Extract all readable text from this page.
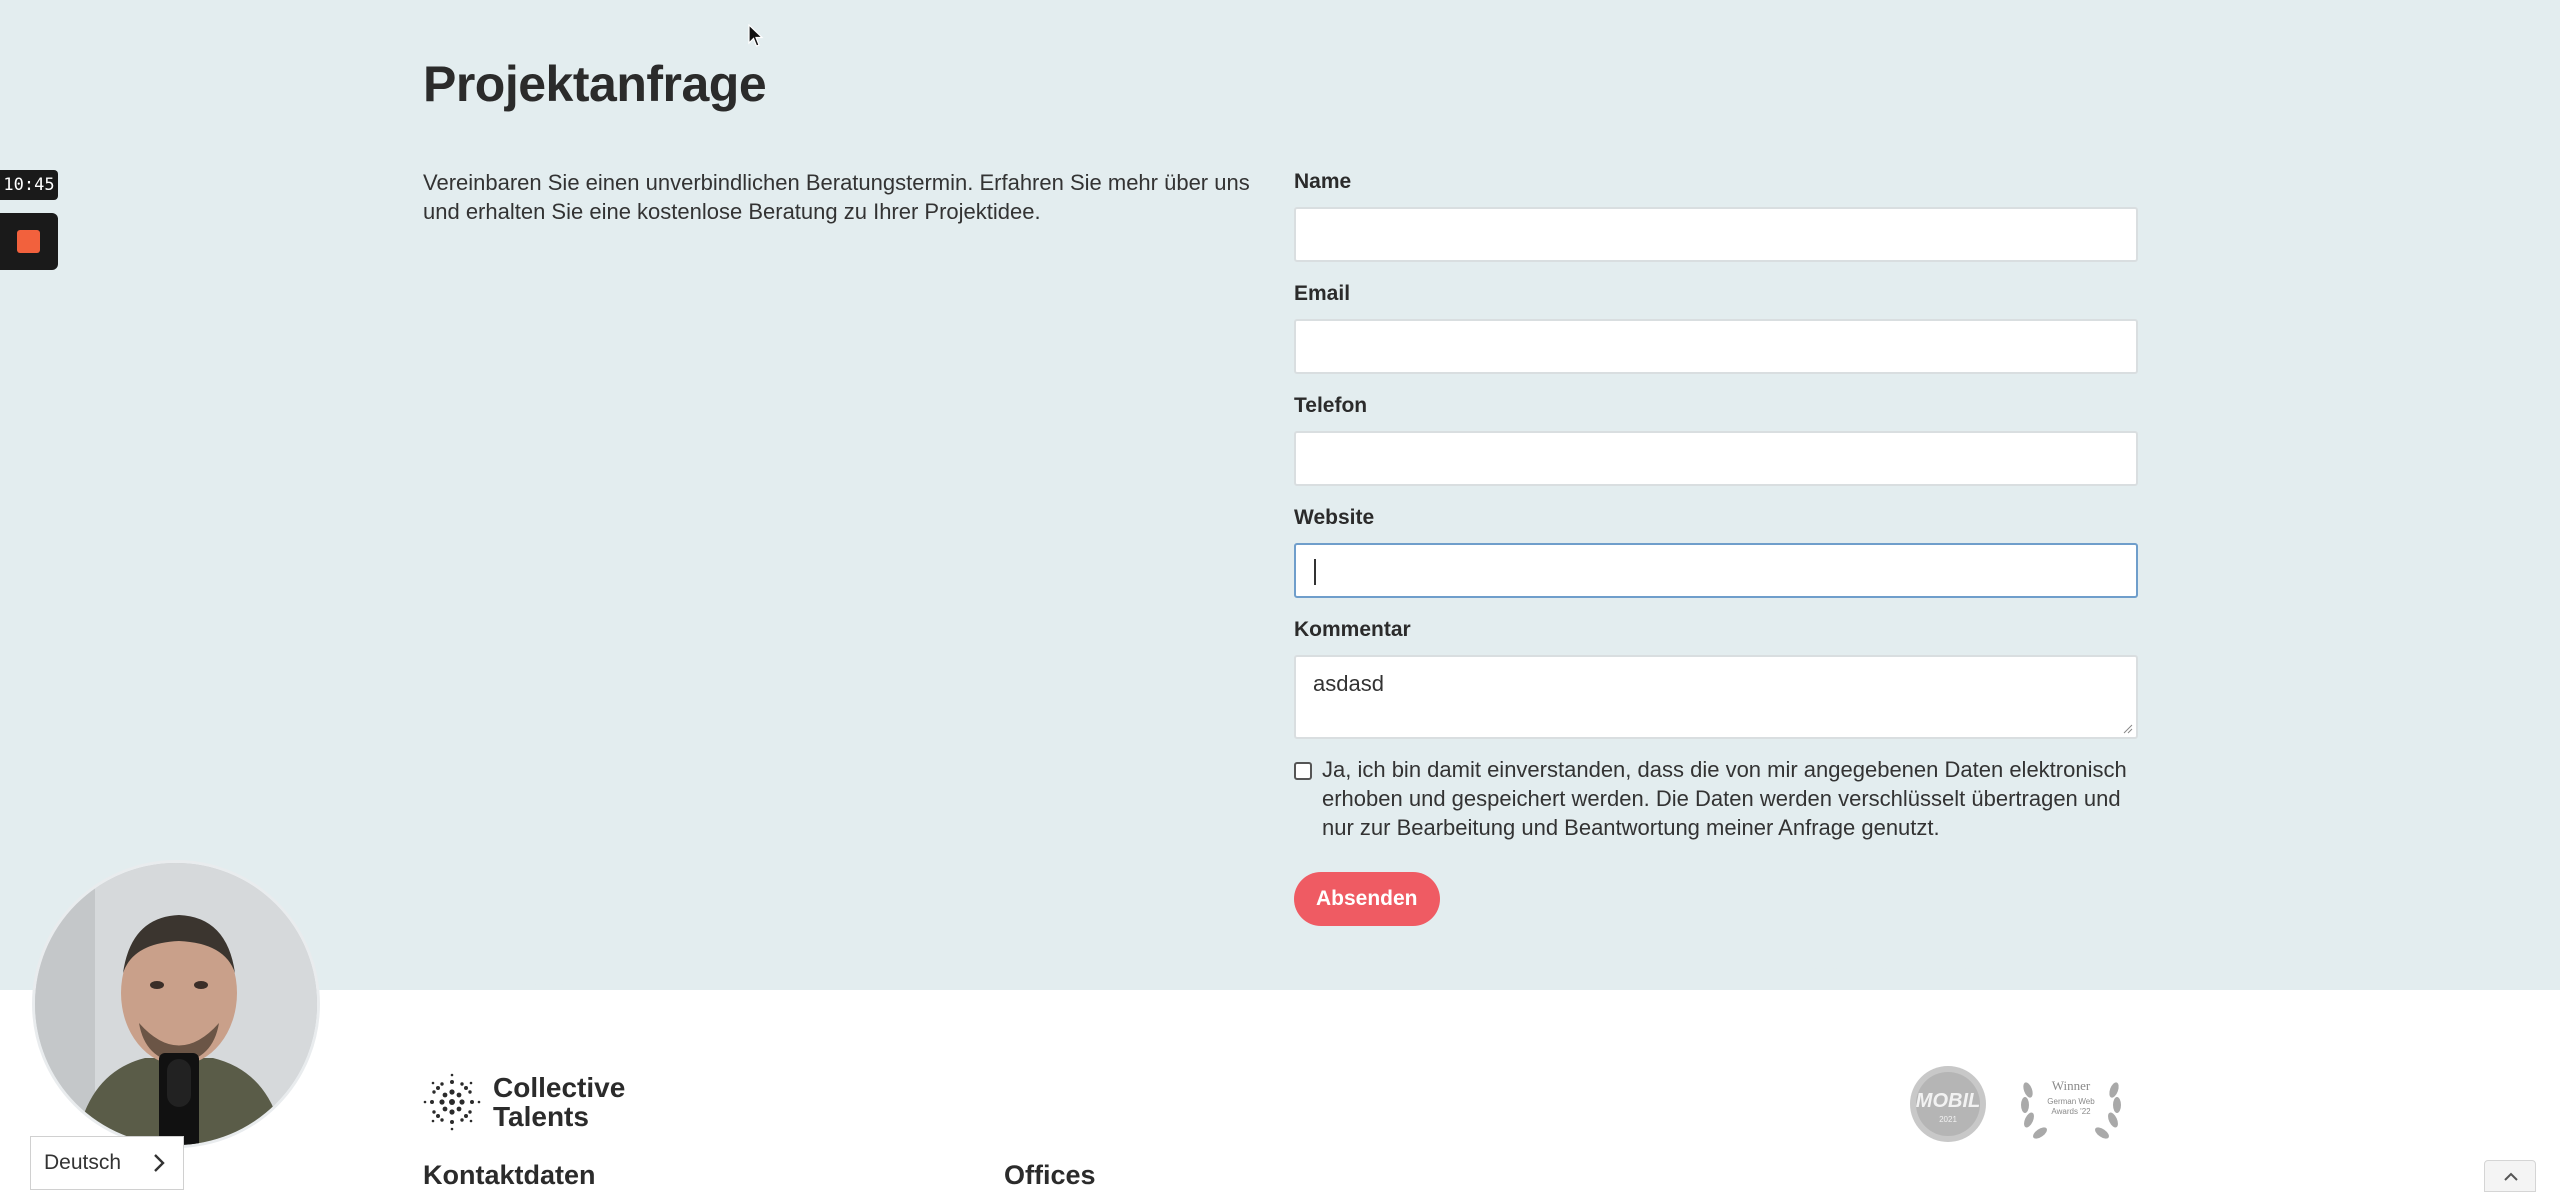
Projektanfrage

Vereinbaren Sie einen unverbindlichen Beratungstermin. Erfahren Sie mehr über uns und erhalten Sie eine kostenlose Beratung zu Ihrer Projektidee.

Name
Email
Telefon
Website
Kommentar
asdasd
Ja, ich bin damit einverstanden, dass die von mir angegebenen Daten elektronisch erhoben und gespeichert werden. Die Daten werden verschlüsselt übertragen und nur zur Bearbeitung und Beantwortung meiner Anfrage genutzt.
Absenden
10:45
Deutsch
Collective
Talents
Kontaktdaten	Offices
MOBIL
2021
Winner
German Web
Awards '22
